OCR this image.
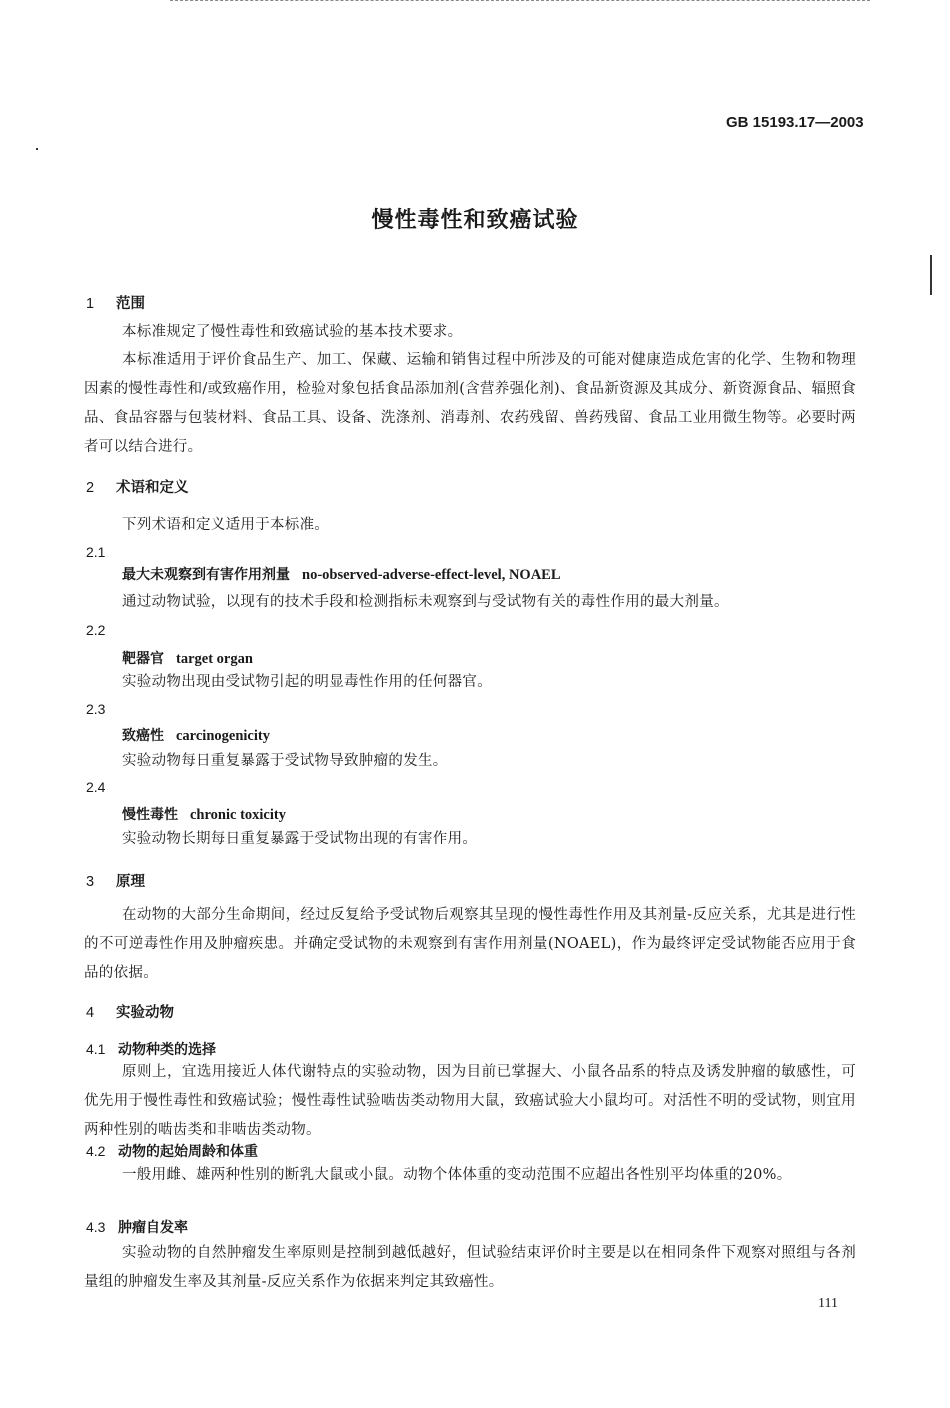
GB 15193.17—2003
慢性毒性和致癌试验
1 范围
本标准规定了慢性毒性和致癌试验的基本技术要求。
本标准适用于评价食品生产、加工、保藏、运输和销售过程中所涉及的可能对健康造成危害的化学、生物和物理因素的慢性毒性和/或致癌作用，检验对象包括食品添加剂(含营养强化剂)、食品新资源及其成分、新资源食品、辐照食品、食品容器与包装材料、食品工具、设备、洗涤剂、消毒剂、农药残留、兽药残留、食品工业用微生物等。必要时两者可以结合进行。
2 术语和定义
下列术语和定义适用于本标准。
2.1
最大未观察到有害作用剂量 no-observed-adverse-effect-level, NOAEL
通过动物试验，以现有的技术手段和检测指标未观察到与受试物有关的毒性作用的最大剂量。
2.2
靶器官 target organ
实验动物出现由受试物引起的明显毒性作用的任何器官。
2.3
致癌性 carcinogenicity
实验动物每日重复暴露于受试物导致肿瘤的发生。
2.4
慢性毒性 chronic toxicity
实验动物长期每日重复暴露于受试物出现的有害作用。
3 原理
在动物的大部分生命期间，经过反复给予受试物后观察其呈现的慢性毒性作用及其剂量-反应关系，尤其是进行性的不可逆毒性作用及肿瘤疾患。并确定受试物的未观察到有害作用剂量(NOAEL)，作为最终评定受试物能否应用于食品的依据。
4 实验动物
4.1 动物种类的选择
原则上，宜选用接近人体代谢特点的实验动物，因为目前已掌握大、小鼠各品系的特点及诱发肿瘤的敏感性，可优先用于慢性毒性和致癌试验；慢性毒性试验啮齿类动物用大鼠，致癌试验大小鼠均可。对活性不明的受试物，则宜用两种性别的啮齿类和非啮齿类动物。
4.2 动物的起始周龄和体重
一般用雌、雄两种性别的断乳大鼠或小鼠。动物个体体重的变动范围不应超出各性别平均体重的20%。
4.3 肿瘤自发率
实验动物的自然肿瘤发生率原则是控制到越低越好，但试验结束评价时主要是以在相同条件下观察对照组与各剂量组的肿瘤发生率及其剂量-反应关系作为依据来判定其致癌性。
111
